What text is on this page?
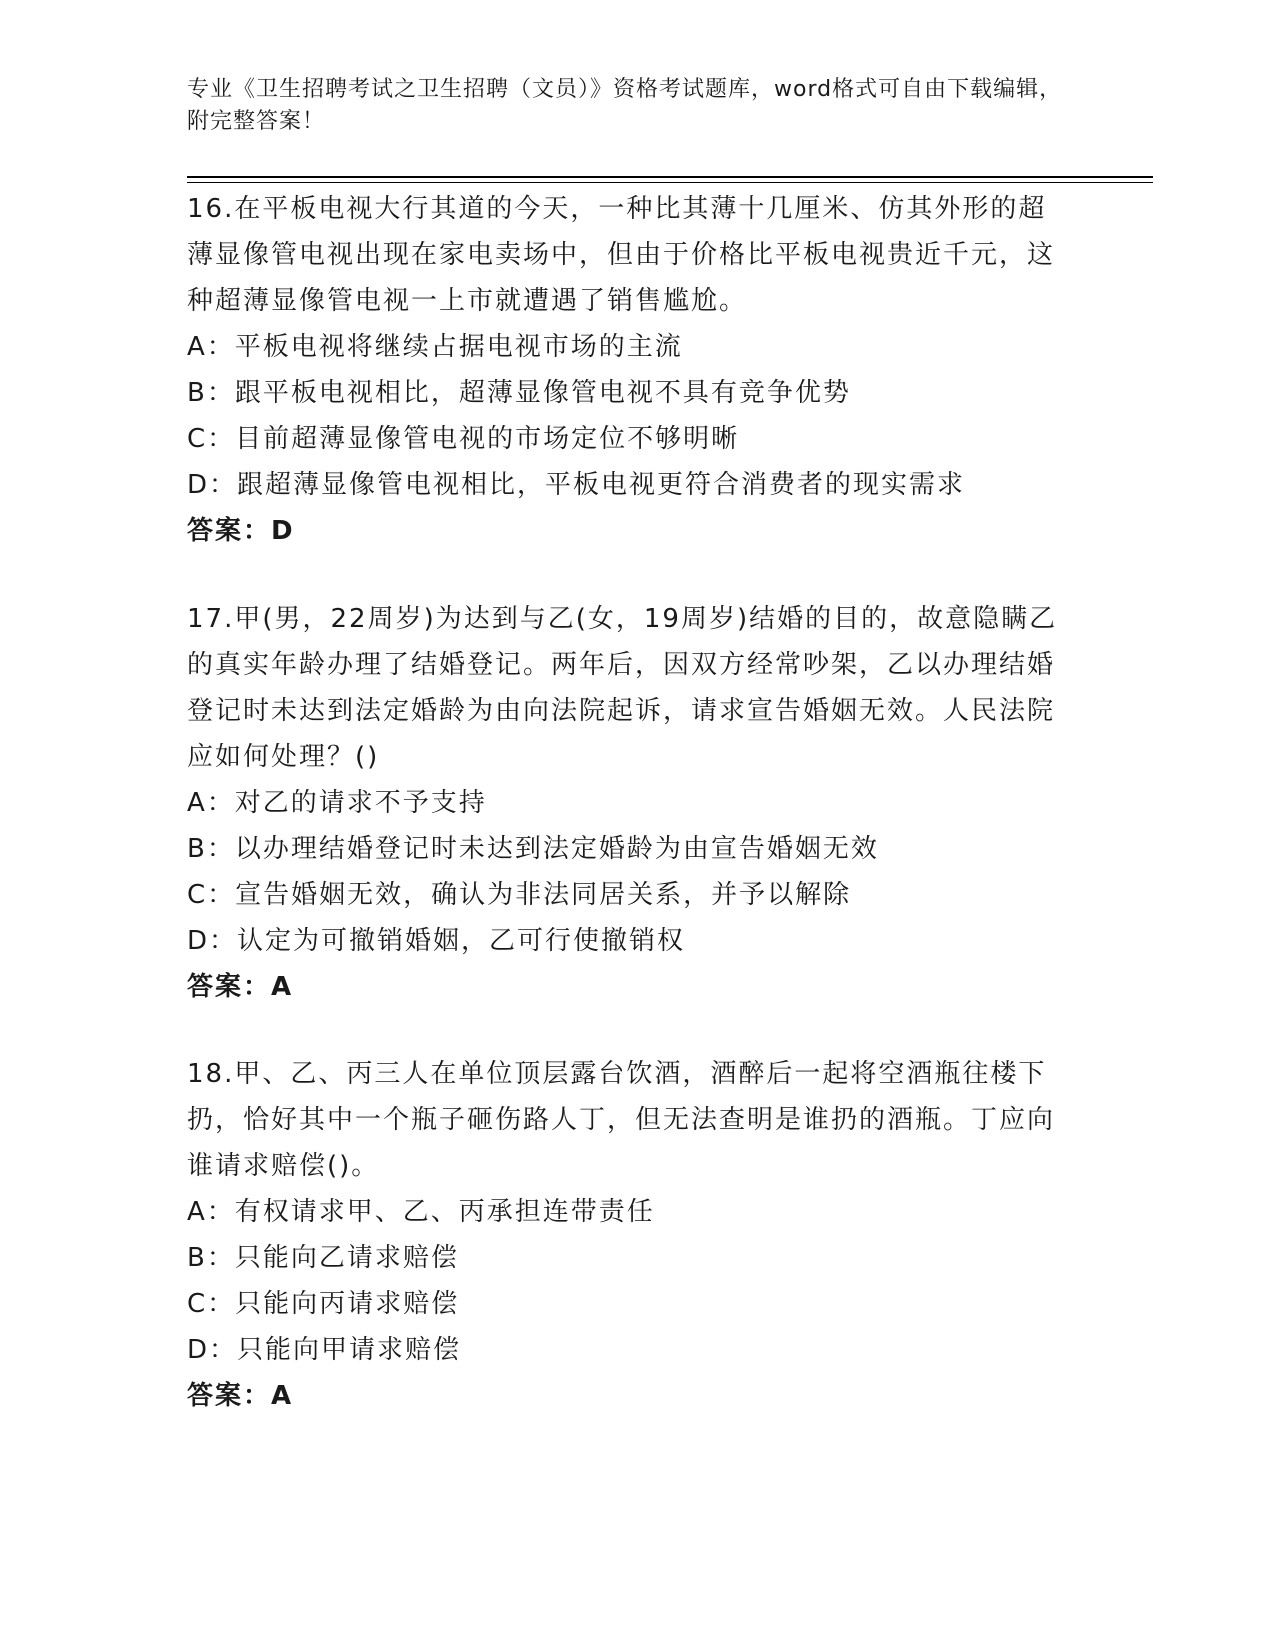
专业《卫生招聘考试之卫生招聘（文员）》资格考试题库，word格式可自由下载编辑，附完整答案！

16.在平板电视大行其道的今天，一种比其薄十几厘米、仿其外形的超薄显像管电视出现在家电卖场中，但由于价格比平板电视贵近千元，这种超薄显像管电视一上市就遭遇了销售尴尬。

A：平板电视将继续占据电视市场的主流

B：跟平板电视相比，超薄显像管电视不具有竞争优势

C：目前超薄显像管电视的市场定位不够明晰

D：跟超薄显像管电视相比，平板电视更符合消费者的现实需求

答案：D

17.甲(男，22周岁)为达到与乙(女，19周岁)结婚的目的，故意隐瞒乙的真实年龄办理了结婚登记。两年后，因双方经常吵架，乙以办理结婚登记时未达到法定婚龄为由向法院起诉，请求宣告婚姻无效。人民法院应如何处理？()

A：对乙的请求不予支持

B：以办理结婚登记时未达到法定婚龄为由宣告婚姻无效

C：宣告婚姻无效，确认为非法同居关系，并予以解除

D：认定为可撤销婚姻，乙可行使撤销权

答案：A

18.甲、乙、丙三人在单位顶层露台饮酒，酒醉后一起将空酒瓶往楼下扔，恰好其中一个瓶子砸伤路人丁，但无法查明是谁扔的酒瓶。丁应向谁请求赔偿()。

A：有权请求甲、乙、丙承担连带责任

B：只能向乙请求赔偿

C：只能向丙请求赔偿

D：只能向甲请求赔偿

答案：A
